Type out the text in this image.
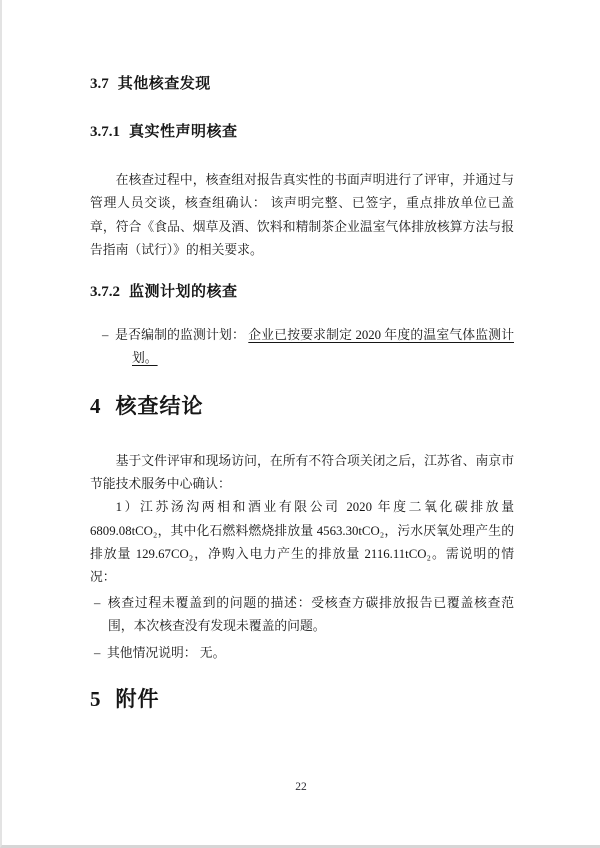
3.7 其他核查发现
3.7.1 真实性声明核查

在核查过程中，核查组对报告真实性的书面声明进行了评审，并通过与管理人员交谈，核查组确认： 该声明完整、已签字，重点排放单位已盖章，符合《食品、烟草及酒、饮料和精制茶企业温室气体排放核算方法与报告指南（试行）》的相关要求。

3.7.2 监测计划的核查
– 是否编制的监测计划： 企业已按要求制定 2020 年度的温室气体监测计划。
4 核查结论

基于文件评审和现场访问，在所有不符合项关闭之后，江苏省、南京市节能技术服务中心确认：

1）江苏汤沟两相和酒业有限公司 2020 年度二氧化碳排放量 6809.08tCO₂，其中化石燃料燃烧排放量 4563.30tCO₂，污水厌氧处理产生的排放量 129.67CO₂，净购入电力产生的排放量 2116.11tCO₂。需说明的情况：

– 核查过程未覆盖到的问题的描述：受核查方碳排放报告已覆盖核查范围，本次核查没有发现未覆盖的问题。
– 其他情况说明： 无。
5 附件
22
